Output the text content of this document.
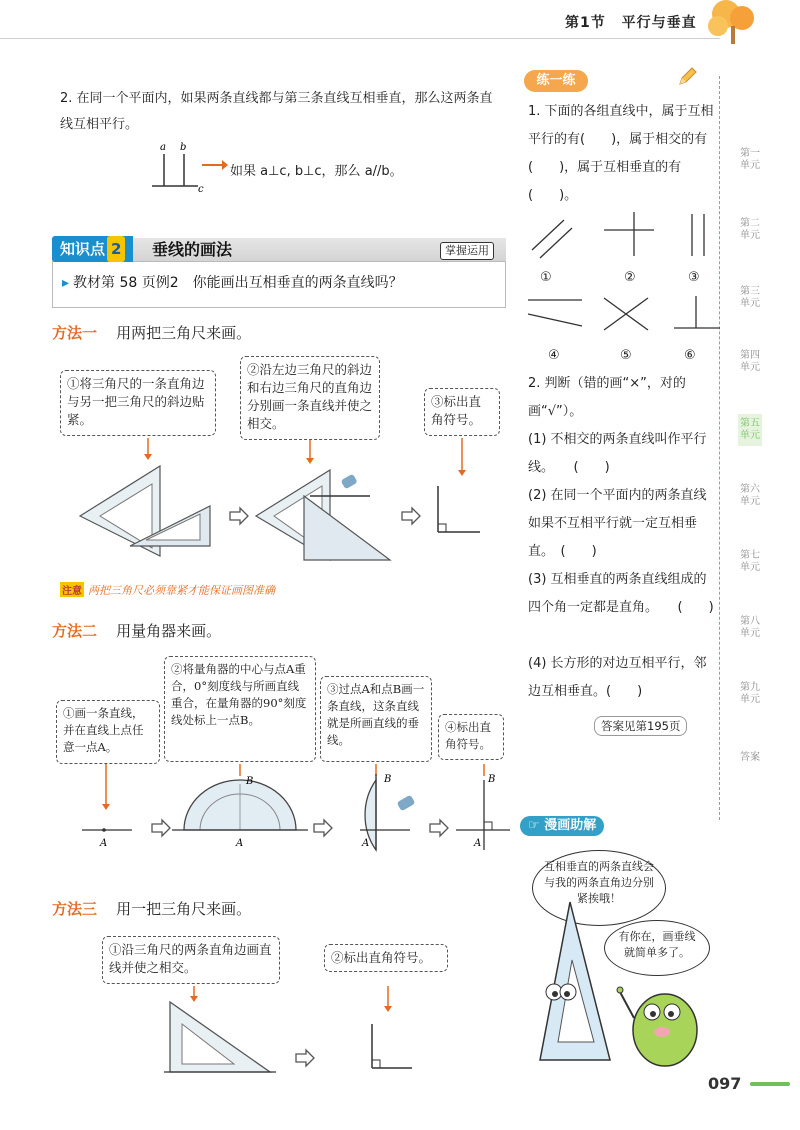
第1节 平行与垂直
2. 在同一个平面内，如果两条直线都与第三条直线互相垂直，那么这两条直线互相平行。
a b
c
如果 a⊥c, b⊥c，那么 a//b。
知识点 2	垂线的画法	掌握运用
▸ 教材第 58 页例2　你能画出互相垂直的两条直线吗？
方法一 用两把三角尺来画。
①将三角尺的一条直角边与另一把三角尺的斜边贴紧。
②沿左边三角尺的斜边和右边三角尺的直角边分别画一条直线并使之相交。
③标出直角符号。
注意 两把三角尺必须靠紧才能保证画图准确
方法二 用量角器来画。
①画一条直线，并在直线上点任意一点A。
②将量角器的中心与点A重合，0°刻度线与所画直线重合，在量角器的90°刻度线处标上一点B。
③过点A和点B画一条直线，这条直线就是所画直线的垂线。
④标出直角符号。
A
B
A
B
A
B
A
方法三 用一把三角尺来画。
①沿三角尺的两条直角边画直线并使之相交。
②标出直角符号。
练一练
1. 下面的各组直线中，属于互相平行的有(　　)，属于相交的有(　　)，属于互相垂直的有(　　)。
①	②	③
④	⑤	⑥
2. 判断（错的画“×”，对的画“√”）。
(1) 不相交的两条直线叫作平行线。　　(　　)
(2) 在同一个平面内的两条直线如果不互相平行就一定互相垂直。　(　　)
(3) 互相垂直的两条直线组成的四个角一定都是直角。　　(　　)
(4) 长方形的对边互相平行，邻边互相垂直。(　　)
答案见第195页
☞ 漫画助解
互相垂直的两条直线会与我的两条直角边分别紧挨哦！
有你在，画垂线就简单多了。
第一单元
第二单元
第三单元
第四单元
第五单元
第六单元
第七单元
第八单元
第九单元
答案
097
